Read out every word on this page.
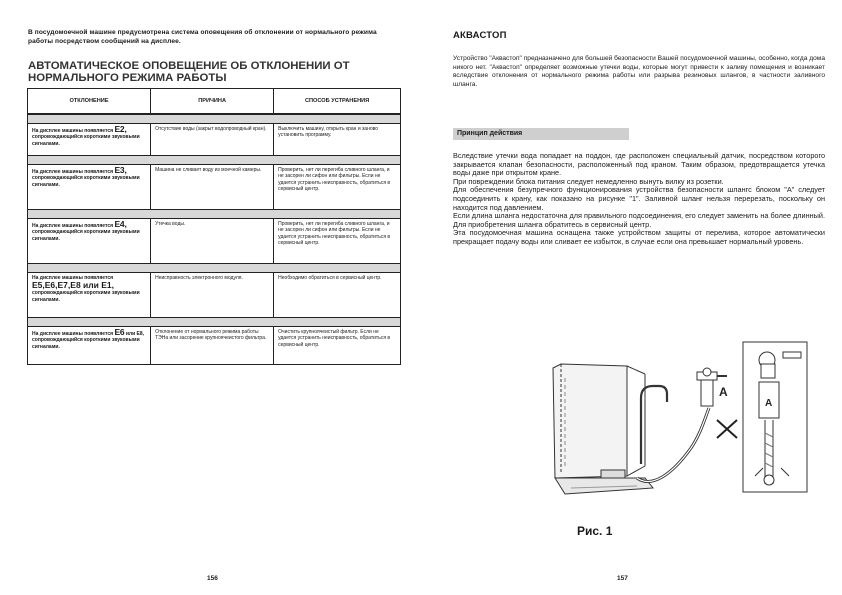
В посудомоечной машине предусмотрена система оповещения об отклонении от нормального режима работы посредством сообщений на дисплее.
АВТОМАТИЧЕСКОЕ ОПОВЕЩЕНИЕ ОБ ОТКЛОНЕНИИ ОТ НОРМАЛЬНОГО РЕЖИМА РАБОТЫ
ОТКЛОНЕНИЕ	ПРИЧИНА	СПОСОБ УСТРАНЕНИЯ

На дисплее машины появляется E2, сопровождающийся короткими звуковыми сигналами.	Отсутствие воды (закрыт водопроводный кран).	Выключить машину, открыть кран и заново установить программу.

На дисплее машины появляется E3, сопровождающийся короткими звуковыми сигналами.	Машина не сливает воду из моечной камеры.	Проверить, нет ли перегиба сливного шланга, и не засорен ли сифон или фильтры. Если не удается устранить неисправность, обратиться в сервисный центр.

На дисплее машины появляется E4, сопровождающийся короткими звуковыми сигналами.	Утечка воды.	Проверить, нет ли перегиба сливного шланга, и не засорен ли сифон или фильтры. Если не удается устранить неисправность, обратиться в сервисный центр.

На дисплее машины появляется
E5,E6,E7,E8 или E1,
сопровождающийся короткими звуковыми сигналами.	Неисправность электронного модуля.	Необходимо обратиться в сервисный центр.

На дисплее машины появляется E6 или E8, сопровождающийся короткими звуковыми сигналами.	Отклонение от нормального режима работы ТЭНа или засорение крупноячеистого фильтра.	Очистить крупноячеистый фильтр. Если не удается устранить неисправность, обратиться в сервисный центр.
156
АКВАСТОП
Устройство "Аквастоп" предназначено для большей безопасности Вашей посудомоечной машины, особенно, когда дома никого нет. "Аквастоп" определяет возможные утечки воды, которые могут привести к заливу помещения и возникает вследствие отклонения от нормального режима работы или разрыва резиновых шлангов, в частности заливного шланга.
Принцип действия

Вследствие утечки вода попадает на поддон, где расположен специальный датчик, посредством которого закрывается клапан безопасности, расположенный под краном. Таким образом, предотвращается утечка воды даже при открытом кране.

При повреждении блока питания следует немедленно вынуть вилку из розетки.

Для обеспечения безупречного функционирования устройства безопасности шлангс блоком "А" следует подсоединить к крану, как показано на рисунке "1". Заливной шланг нельзя перерезать, поскольку он находится под давлением.

Если длина шланга недостаточна для правильного подсоединения, его следует заменить на более длинный. Для приобретения шланга обратитесь в сервисный центр.

Эта посудомоечная машина оснащена также устройством защиты от перелива, которое автоматически прекращает подачу воды или сливает ее избыток, в случае если она превышает нормальный уровень.

A
A
Рис. 1
157
